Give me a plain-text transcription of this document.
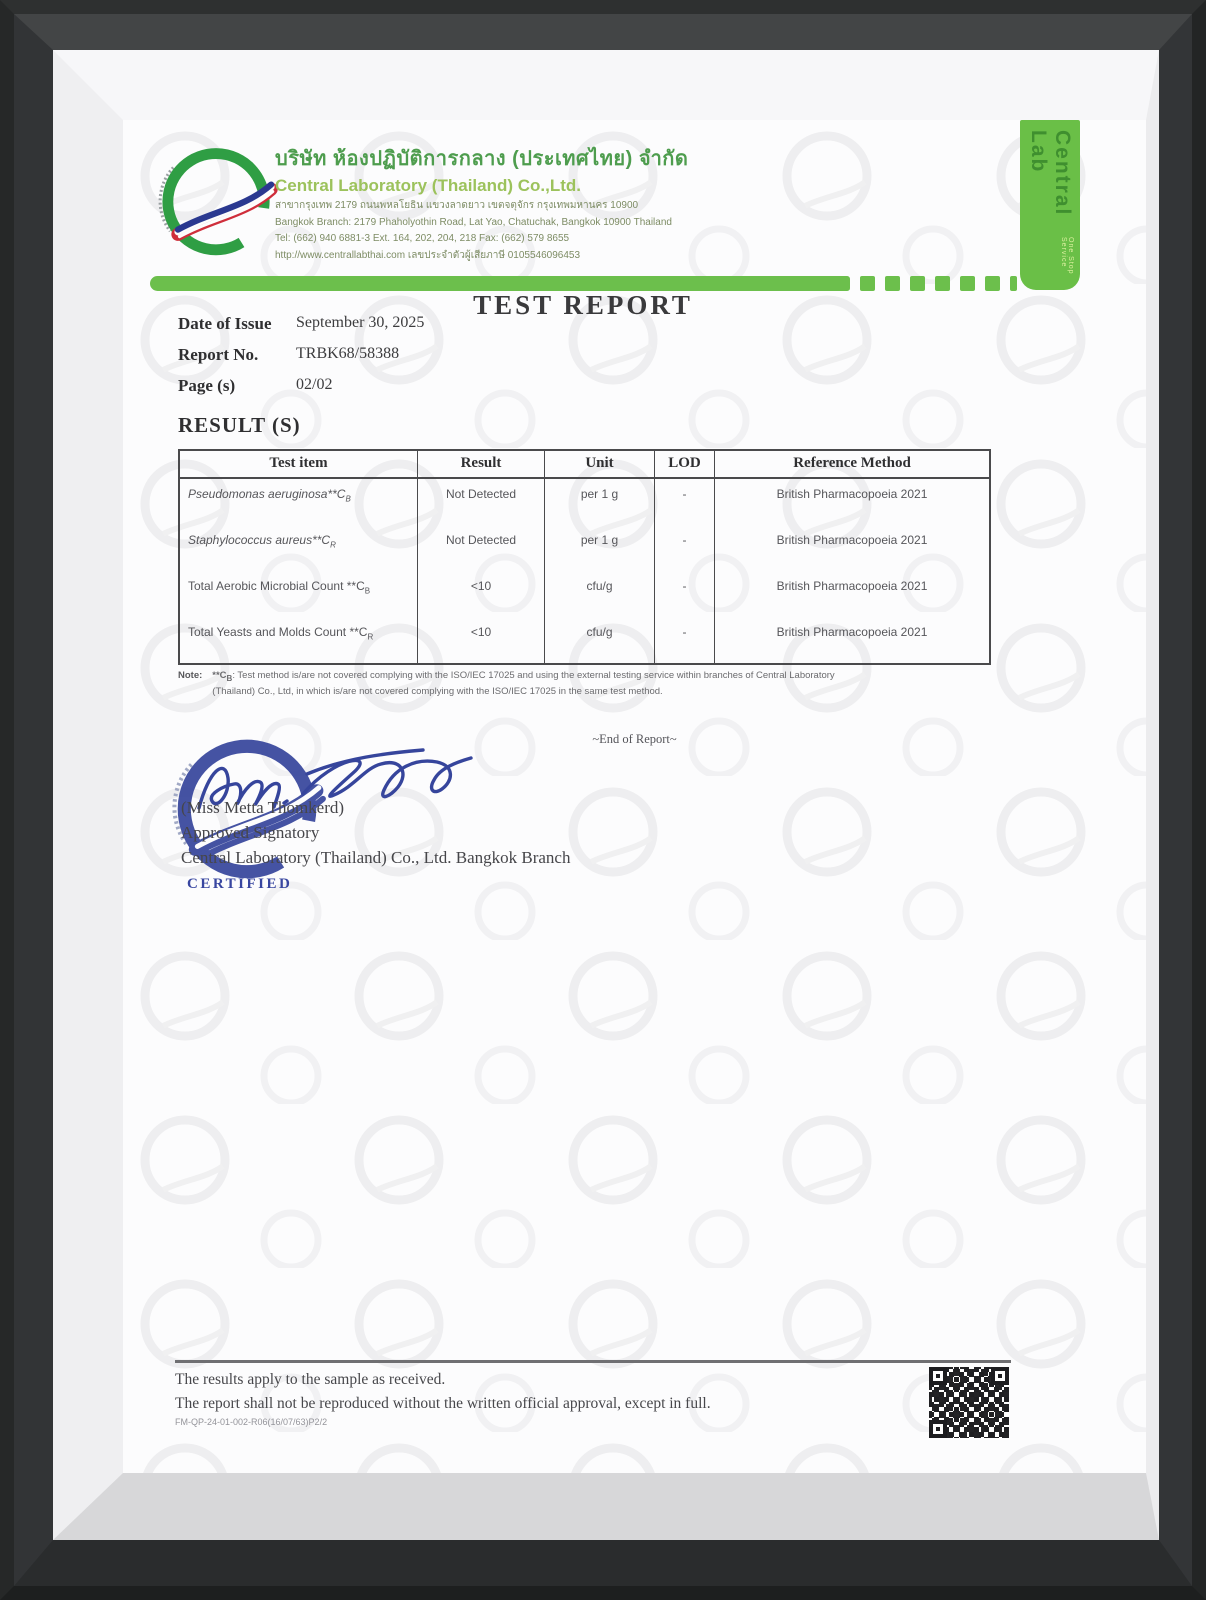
บริษัท ห้องปฏิบัติการกลาง (ประเทศไทย) จำกัด
Central Laboratory (Thailand) Co.,Ltd.
สาขากรุงเทพ 2179 ถนนพหลโยธิน แขวงลาดยาว เขตจตุจักร กรุงเทพมหานคร 10900
Bangkok Branch: 2179 Phaholyothin Road, Lat Yao, Chatuchak, Bangkok 10900 Thailand
Tel: (662) 940 6881-3 Ext. 164, 202, 204, 218 Fax: (662) 579 8655
http://www.centrallabthai.com เลขประจำตัวผู้เสียภาษี 0105546096453
Central Lab
One Stop Service
TEST REPORT
Date of Issue	September 30, 2025
Report No.	TRBK68/58388
Page (s)	02/02
RESULT (S)
Test item	Result	Unit	LOD	Reference Method
Pseudomonas $aeruginosa**C_B$	Not Detected	per 1 g	-	British Pharmacopoeia 2021
Staphylococcus $aureus**C_R$	Not Detected	per 1 g	-	British Pharmacopoeia 2021
Total Aerobic Microbial Count $**C_B$	<10	cfu/g	-	British Pharmacopoeia 2021
Total Yeasts and Molds Count $**C_R$	<10	cfu/g	-	British Pharmacopoeia 2021
Note: $**C_B$: Test method is/are not covered complying with the ISO/IEC 17025 and using the external testing service within branches of Central Laboratory
(Thailand) Co., Ltd, in which is/are not covered complying with the ISO/IEC 17025 in the same test method.
~End of Report~
(Miss Metta Thomkerd)
Approved Signatory
Central Laboratory (Thailand) Co., Ltd. Bangkok Branch
CERTIFIED
The results apply to the sample as received.
The report shall not be reproduced without the written official approval, except in full.
FM-QP-24-01-002-R06(16/07/63)P2/2
